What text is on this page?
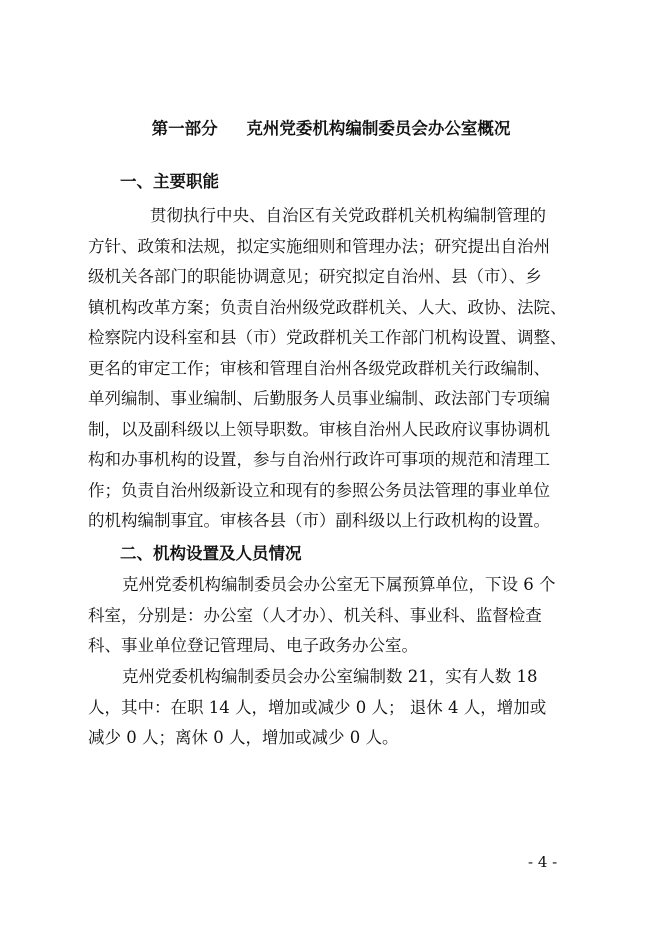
第一部分     克州党委机构编制委员会办公室概况
一、主要职能
贯彻执行中央、自治区有关党政群机关机构编制管理的
方针、政策和法规，拟定实施细则和管理办法；研究提出自治州
级机关各部门的职能协调意见；研究拟定自治州、县（市）、乡
镇机构改革方案；负责自治州级党政群机关、人大、政协、法院、
检察院内设科室和县（市）党政群机关工作部门机构设置、调整、
更名的审定工作；审核和管理自治州各级党政群机关行政编制、
单列编制、事业编制、后勤服务人员事业编制、政法部门专项编
制，以及副科级以上领导职数。审核自治州人民政府议事协调机
构和办事机构的设置，参与自治州行政许可事项的规范和清理工
作；负责自治州级新设立和现有的参照公务员法管理的事业单位
的机构编制事宜。审核各县（市）副科级以上行政机构的设置。
二、机构设置及人员情况
克州党委机构编制委员会办公室无下属预算单位，下设 6 个
科室，分别是：办公室（人才办）、机关科、事业科、监督检查
科、事业单位登记管理局、电子政务办公室。
克州党委机构编制委员会办公室编制数 21，实有人数 18
人，其中：在职 14 人，增加或减少 0 人； 退休 4 人，增加或
减少 0 人；离休 0 人，增加或减少 0 人。
- 4 -
